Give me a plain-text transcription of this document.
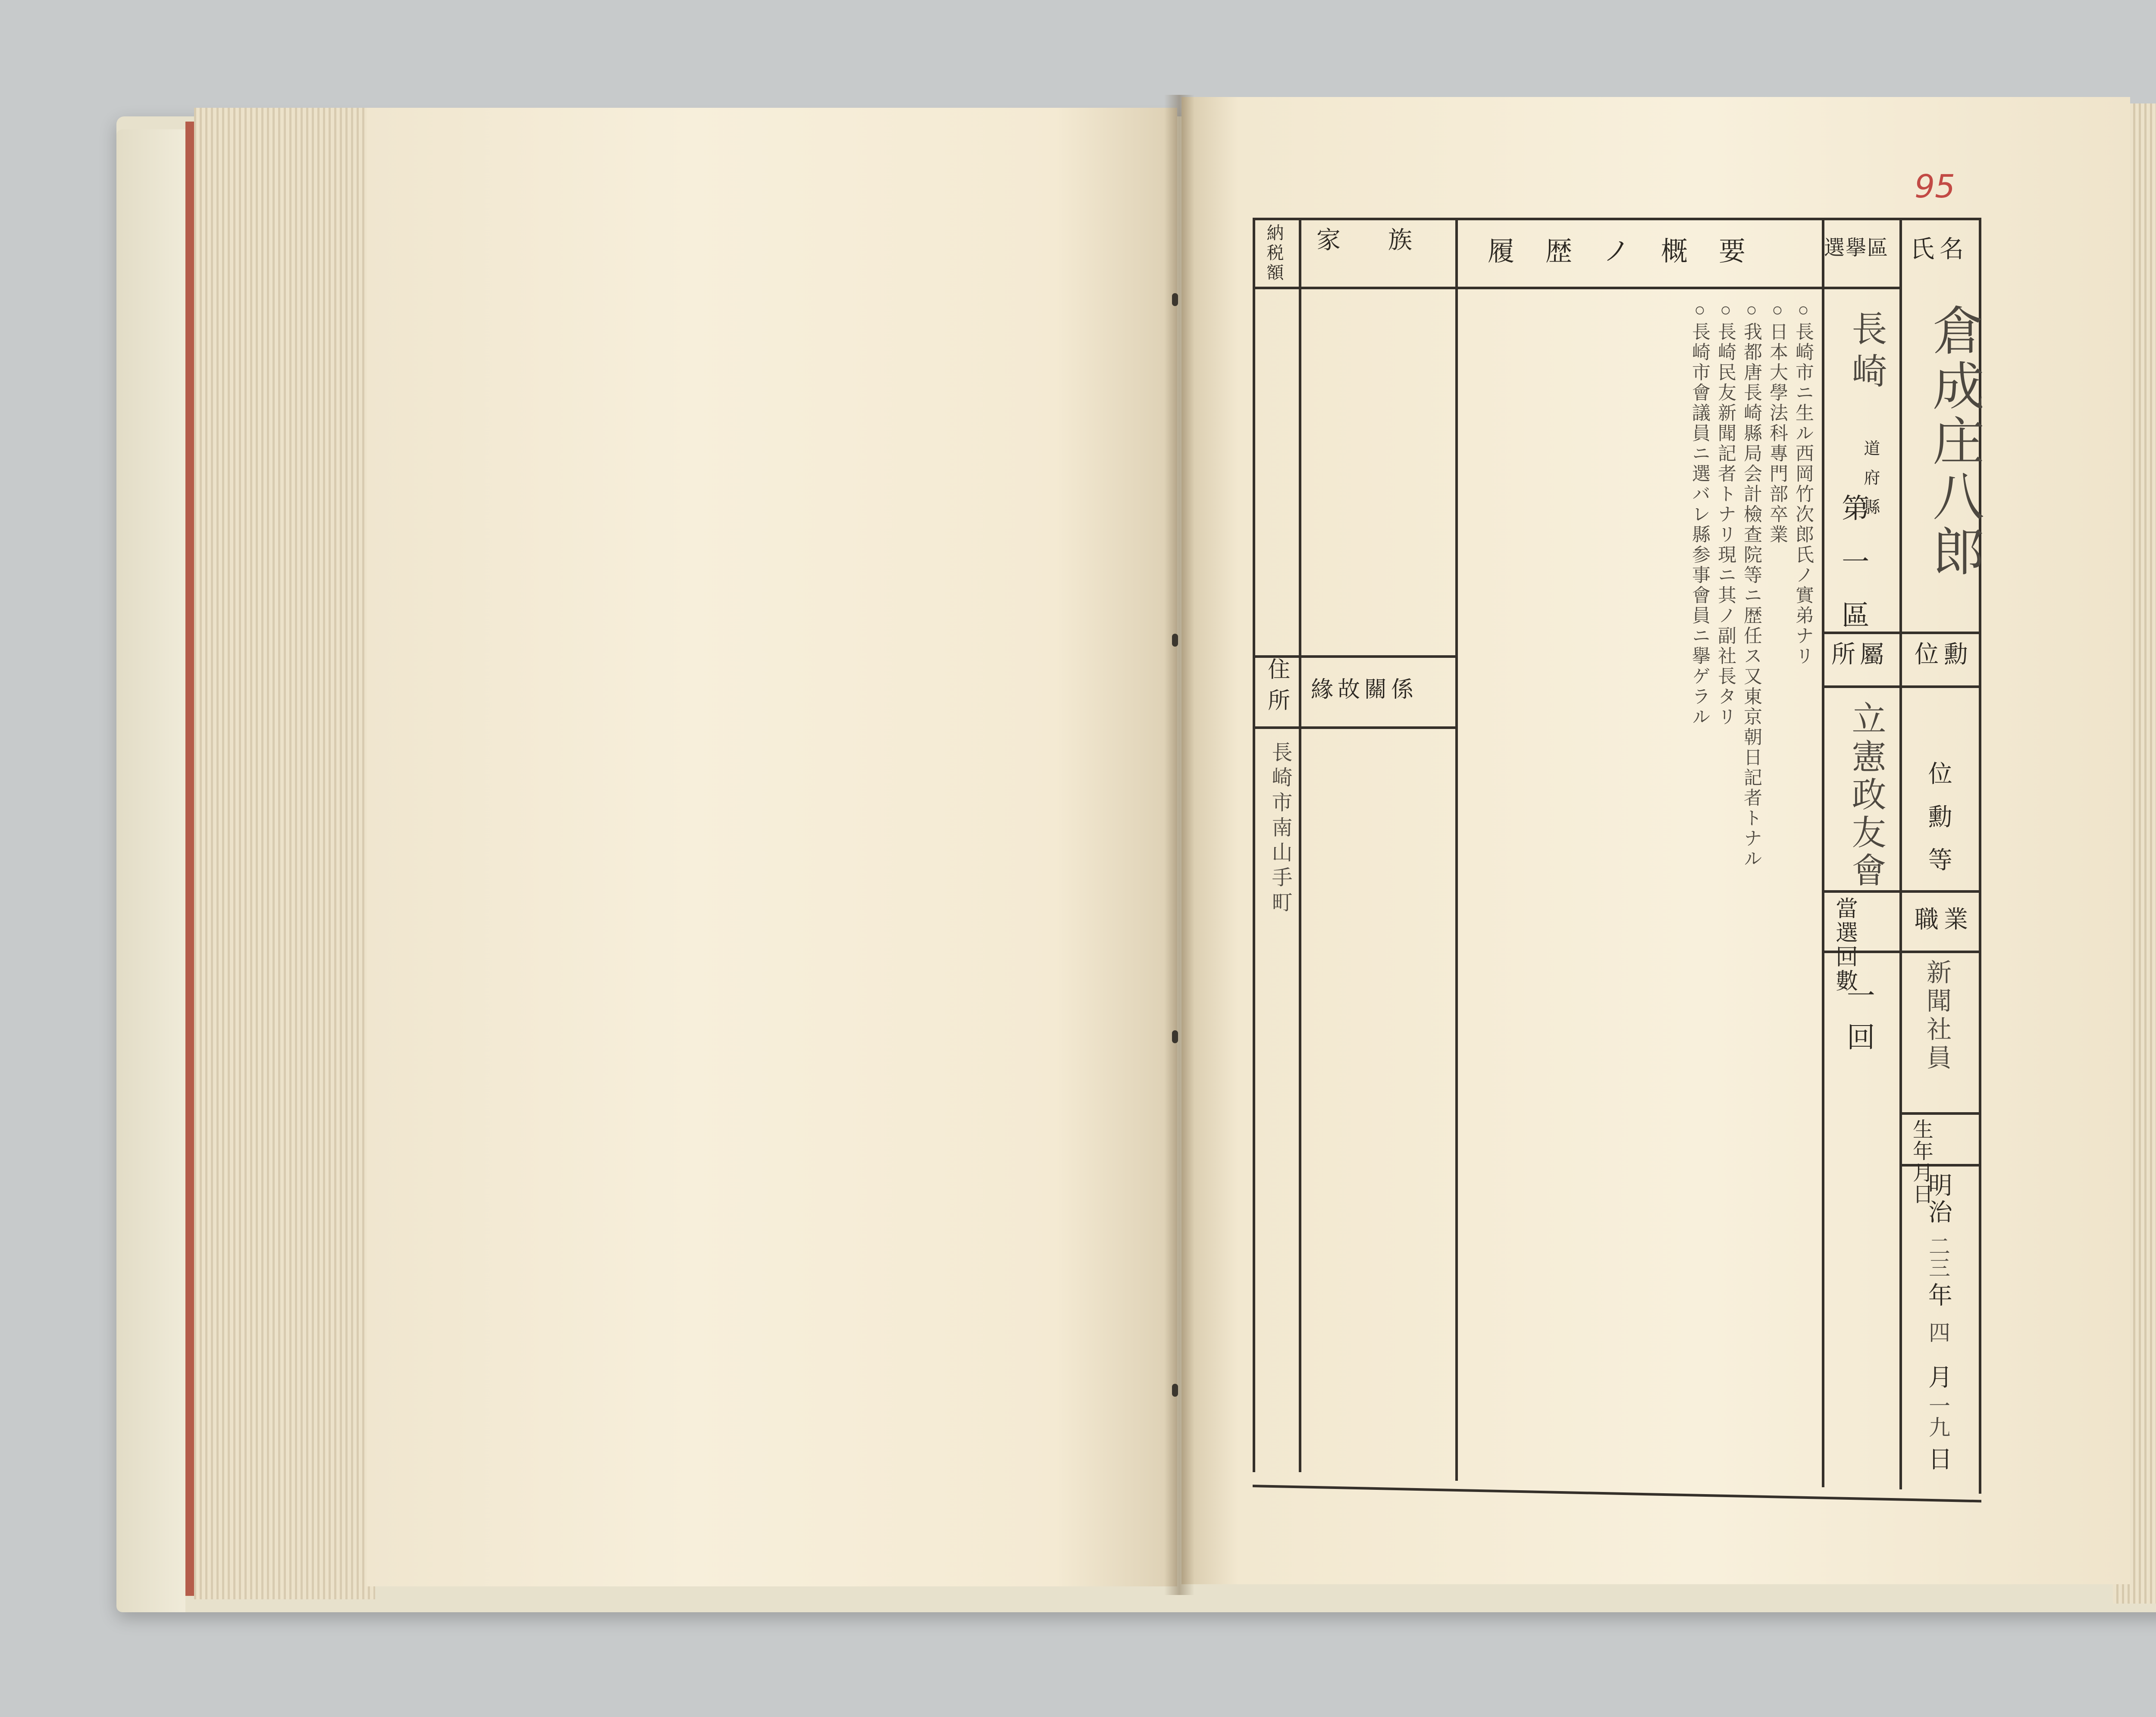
95
納税額 家族 履歴ノ概要 選擧區 氏名
倉成庄八郎
長崎
道府縣
第一區
位勳
所屬
立憲政友會 位勳等
職業
當選回數
新聞社員
一回
生年月日
明治
二三
年
四
月
一九
日
○長崎市ニ生ル西岡竹次郎氏ノ實弟ナリ
○日本大學法科專門部卒業
○我都唐長崎縣局会計檢查院等ニ歴任ス又東京朝日記者トナル
○長崎民友新聞記者トナリ現ニ其ノ副社長タリ
○長崎市會議員ニ選バレ縣参事會員ニ擧ゲラル
緣故關係
住所
長崎市南山手町
